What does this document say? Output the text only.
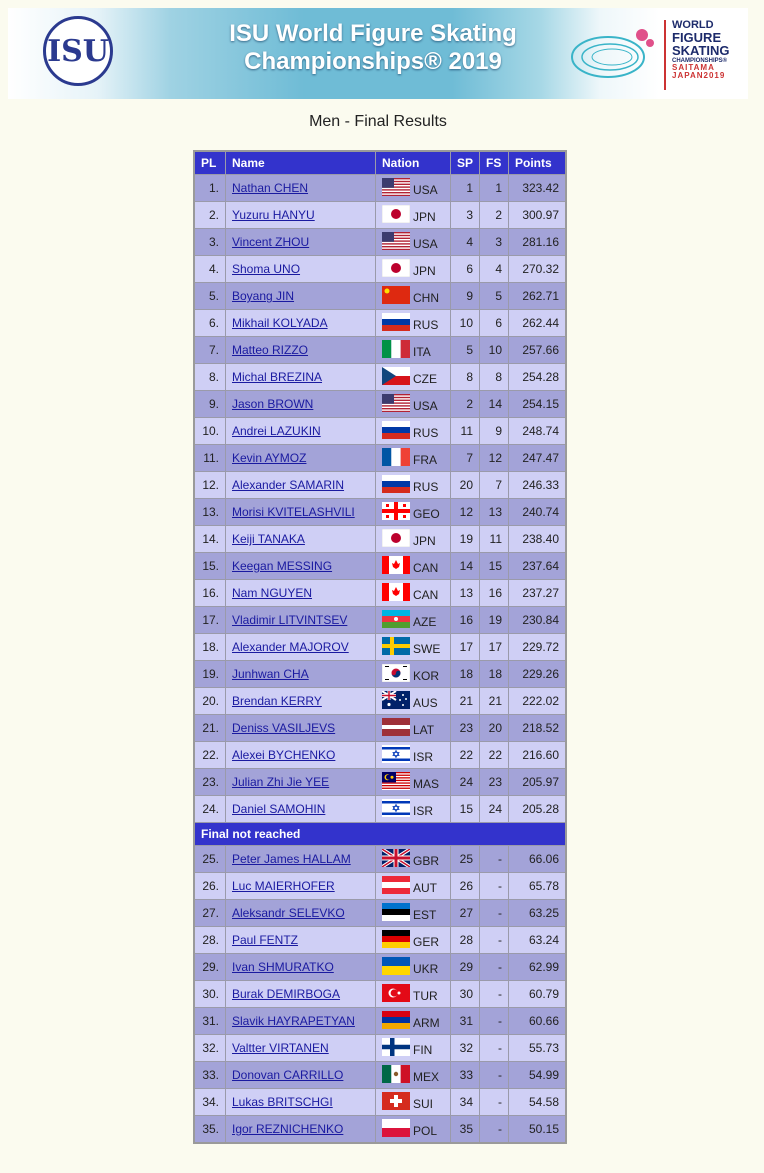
ISU	ISU World Figure Skating
Championships® 2019
WORLD
FIGURE
SKATING
CHAMPIONSHIPS®
SAITAMA
JAPAN2019
Men - Final Results
PL	Name	Nation	SP	FS	Points
1.	Nathan CHEN	USA	1	1	323.42
2.	Yuzuru HANYU	JPN	3	2	300.97
3.	Vincent ZHOU	USA	4	3	281.16
4.	Shoma UNO	JPN	6	4	270.32
5.	Boyang JIN	CHN	9	5	262.71
6.	Mikhail KOLYADA	RUS	10	6	262.44
7.	Matteo RIZZO	ITA	5	10	257.66
8.	Michal BREZINA	CZE	8	8	254.28
9.	Jason BROWN	USA	2	14	254.15
10.	Andrei LAZUKIN	RUS	11	9	248.74
11.	Kevin AYMOZ	FRA	7	12	247.47
12.	Alexander SAMARIN	RUS	20	7	246.33
13.	Morisi KVITELASHVILI	GEO	12	13	240.74
14.	Keiji TANAKA	JPN	19	11	238.40
15.	Keegan MESSING	CAN	14	15	237.64
16.	Nam NGUYEN	CAN	13	16	237.27
17.	Vladimir LITVINTSEV	AZE	16	19	230.84
18.	Alexander MAJOROV	SWE	17	17	229.72
19.	Junhwan CHA	KOR	18	18	229.26
20.	Brendan KERRY	AUS	21	21	222.02
21.	Deniss VASILJEVS	LAT	23	20	218.52
22.	Alexei BYCHENKO	ISR	22	22	216.60
23.	Julian Zhi Jie YEE	MAS	24	23	205.97
24.	Daniel SAMOHIN	ISR	15	24	205.28
Final not reached					
25.	Peter James HALLAM	GBR	25	-	66.06
26.	Luc MAIERHOFER	AUT	26	-	65.78
27.	Aleksandr SELEVKO	EST	27	-	63.25
28.	Paul FENTZ	GER	28	-	63.24
29.	Ivan SHMURATKO	UKR	29	-	62.99
30.	Burak DEMIRBOGA	TUR	30	-	60.79
31.	Slavik HAYRAPETYAN	ARM	31	-	60.66
32.	Valtter VIRTANEN	FIN	32	-	55.73
33.	Donovan CARRILLO	MEX	33	-	54.99
34.	Lukas BRITSCHGI	SUI	34	-	54.58
35.	Igor REZNICHENKO	POL	35	-	50.15
